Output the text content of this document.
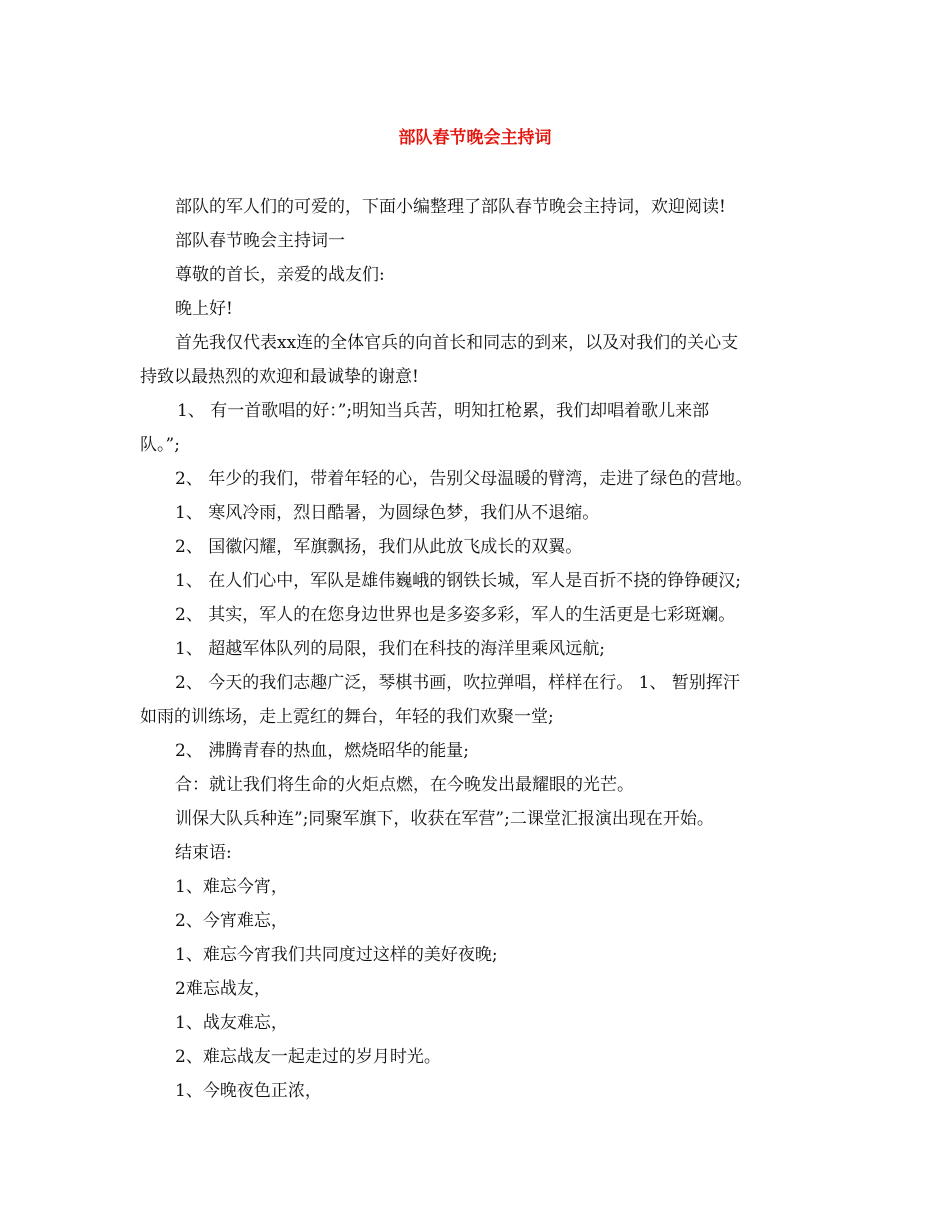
部队春节晚会主持词
部队的军人们的可爱的，下面小编整理了部队春节晚会主持词，欢迎阅读!
部队春节晚会主持词一
尊敬的首长，亲爱的战友们:
晚上好!
首先我仅代表xx连的全体官兵的向首长和同志的到来，以及对我们的关心支
持致以最热烈的欢迎和最诚挚的谢意!
1、 有一首歌唱的好：”;明知当兵苦，明知扛枪累，我们却唱着歌儿来部
队。”;
2、 年少的我们，带着年轻的心，告别父母温暖的臂湾，走进了绿色的营地。
1、 寒风冷雨，烈日酷暑，为圆绿色梦，我们从不退缩。
2、 国徽闪耀，军旗飘扬，我们从此放飞成长的双翼。
1、 在人们心中，军队是雄伟巍峨的钢铁长城，军人是百折不挠的铮铮硬汉;
2、 其实，军人的在您身边世界也是多姿多彩，军人的生活更是七彩斑斓。
1、 超越军体队列的局限，我们在科技的海洋里乘风远航;
2、 今天的我们志趣广泛，琴棋书画，吹拉弹唱，样样在行。 1、 暂别挥汗
如雨的训练场，走上霓红的舞台，年轻的我们欢聚一堂;
2、 沸腾青春的热血，燃烧昭华的能量;
合：就让我们将生命的火炬点燃，在今晚发出最耀眼的光芒。
训保大队兵种连”;同聚军旗下，收获在军营”;二课堂汇报演出现在开始。
结束语:
1、难忘今宵，
2、今宵难忘，
1、难忘今宵我们共同度过这样的美好夜晚;
2难忘战友，
1、战友难忘，
2、难忘战友一起走过的岁月时光。
1、今晚夜色正浓，
